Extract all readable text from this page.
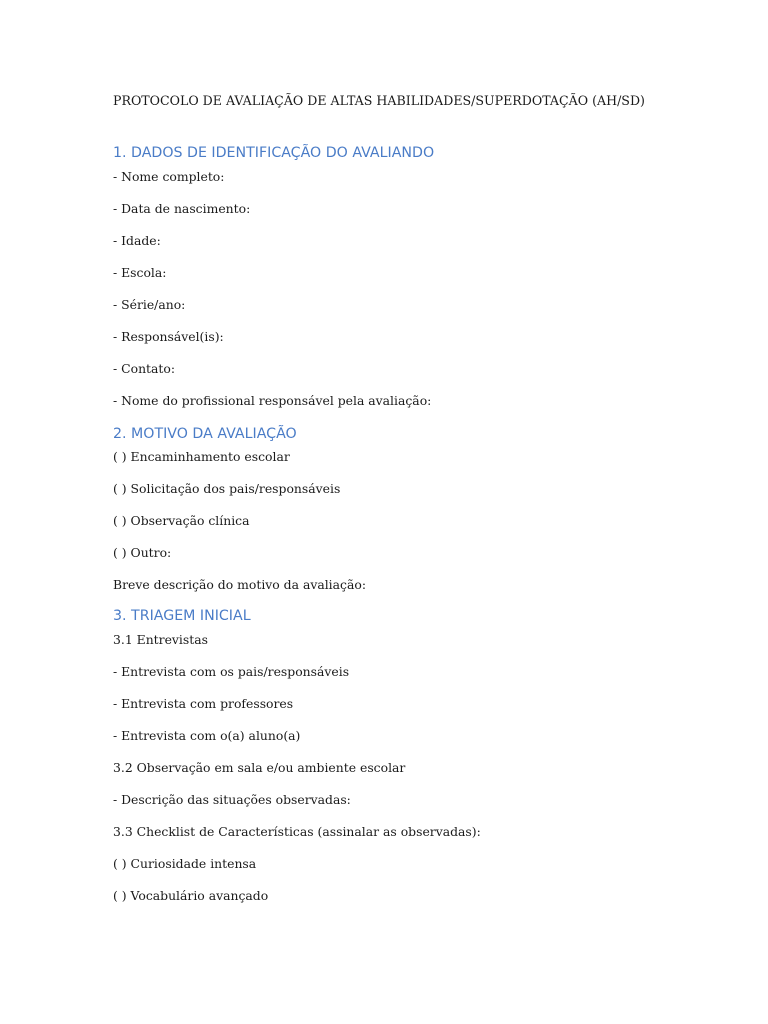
PROTOCOLO DE AVALIAÇÃO DE ALTAS HABILIDADES/SUPERDOTAÇÃO (AH/SD)
1. DADOS DE IDENTIFICAÇÃO DO AVALIANDO

- Nome completo:

- Data de nascimento:

- Idade:

- Escola:

- Série/ano:

- Responsável(is):

- Contato:

- Nome do profissional responsável pela avaliação:

2. MOTIVO DA AVALIAÇÃO

( ) Encaminhamento escolar

( ) Solicitação dos pais/responsáveis

( ) Observação clínica

( ) Outro:

Breve descrição do motivo da avaliação:

3. TRIAGEM INICIAL

3.1 Entrevistas

- Entrevista com os pais/responsáveis

- Entrevista com professores

- Entrevista com o(a) aluno(a)

3.2 Observação em sala e/ou ambiente escolar

- Descrição das situações observadas:

3.3 Checklist de Características (assinalar as observadas):

( ) Curiosidade intensa

( ) Vocabulário avançado
